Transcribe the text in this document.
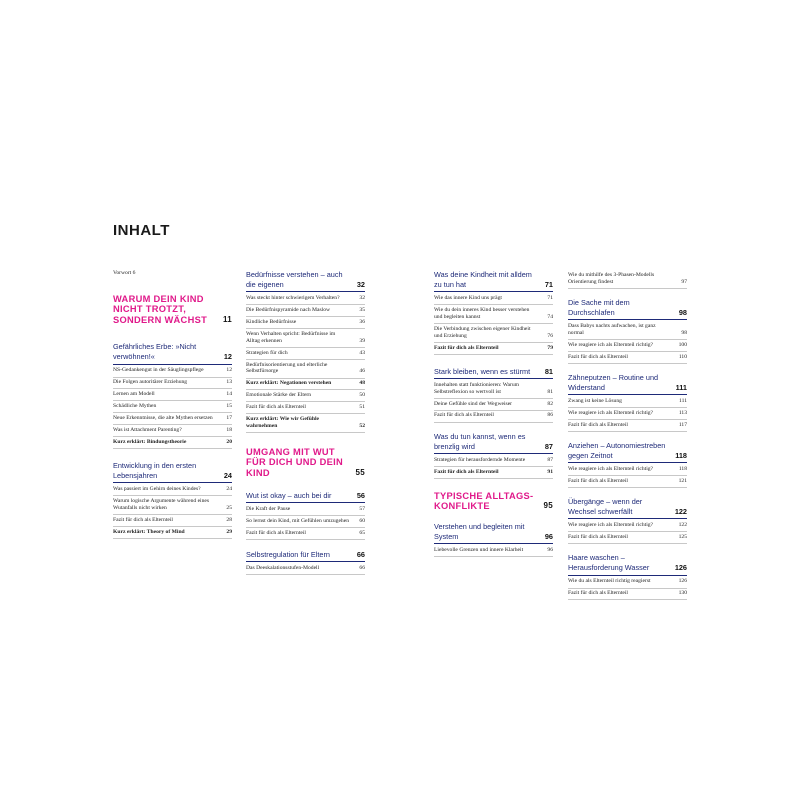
INHALT
Vorwort 6
WARUM DEIN KIND NICHT TROTZT, SONDERN WÄCHST 11
Gefährliches Erbe: »Nicht verwöhnen!«	12
NS-Gedankengut in der Säuglingspflege	12
Die Folgen autoritärer Erziehung	13
Lernen am Modell	14
Schädliche Mythen	15
Neue Erkenntnisse, die alte Mythen ersetzen 17
Was ist Attachment Parenting?	18
Kurz erklärt: Bindungstheorie	20
Entwicklung in den ersten Lebensjahren	24
Was passiert im Gehirn deines Kindes?	24
Warum logische Argumente während eines Wutanfalls nicht wirken	25
Fazit für dich als Elternteil	28
Kurz erklärt: Theory of Mind	29
Bedürfnisse verstehen – auch die eigenen	32
Was steckt hinter schwierigem Verhalten?	32
Die Bedürfnispyramide nach Maslow	35
Kindliche Bedürfnisse	36
Wenn Verhalten spricht: Bedürfnisse im Alltag erkennen	39
Strategien für dich	43
Bedürfnisorientierung und elterliche Selbstfürsorge	46
Kurz erklärt: Negationen verstehen	48
Emotionale Stärke der Eltern	50
Fazit für dich als Elternteil	51
Kurz erklärt: Wie wir Gefühle wahrnehmen	52
UMGANG MIT WUT FÜR DICH UND DEIN KIND	55
Wut ist okay – auch bei dir	56
Die Kraft der Pause	57
So lernst dein Kind, mit Gefühlen umzugehen 60
Fazit für dich als Elternteil	65
Selbstregulation für Eltern	66
Das Deeskalationsstufen-Modell	66
Was deine Kindheit mit alldem zu tun hat	71
Wie das innere Kind uns prägt	71
Wie du dein inneres Kind besser verstehen und begleiten kannst	74
Die Verbindung zwischen eigener Kindheit und Erziehung	76
Fazit für dich als Elternteil	79
Stark bleiben, wenn es stürmt 81
Innehalten statt funktionieren: Warum Selbstreflexion so wertvoll ist	81
Deine Gefühle sind der Wegweiser	82
Fazit für dich als Elternteil	86
Was du tun kannst, wenn es brenzlig wird	87
Strategien für herausfordernde Momente	87
Fazit für dich als Elternteil	91
TYPISCHE ALLTAGS-KONFLIKTE	95
Verstehen und begleiten mit System	96
Liebevolle Grenzen und innere Klarheit	96
Wie du mithilfe des 3-Phasen-Modells Orientierung findest	97
Die Sache mit dem Durchschlafen	98
Dass Babys nachts aufwachen, ist ganz normal	98
Wie reagiere ich als Elternteil richtig?	100
Fazit für dich als Elternteil	110
Zähneputzen – Routine und Widerstand	111
Zwang ist keine Lösung	111
Wie reagiere ich als Elternteil richtig?	113
Fazit für dich als Elternteil	117
Anziehen – Autonomiestreben gegen Zeitnot	118
Wie reagiere ich als Elternteil richtig?	118
Fazit für dich als Elternteil	121
Übergänge – wenn der Wechsel schwerfällt	122
Wie reagiere ich als Elternteil richtig?	122
Fazit für dich als Elternteil	125
Haare waschen – Herausforderung Wasser	126
Wie du als Elternteil richtig reagierst	126
Fazit für dich als Elternteil	130
